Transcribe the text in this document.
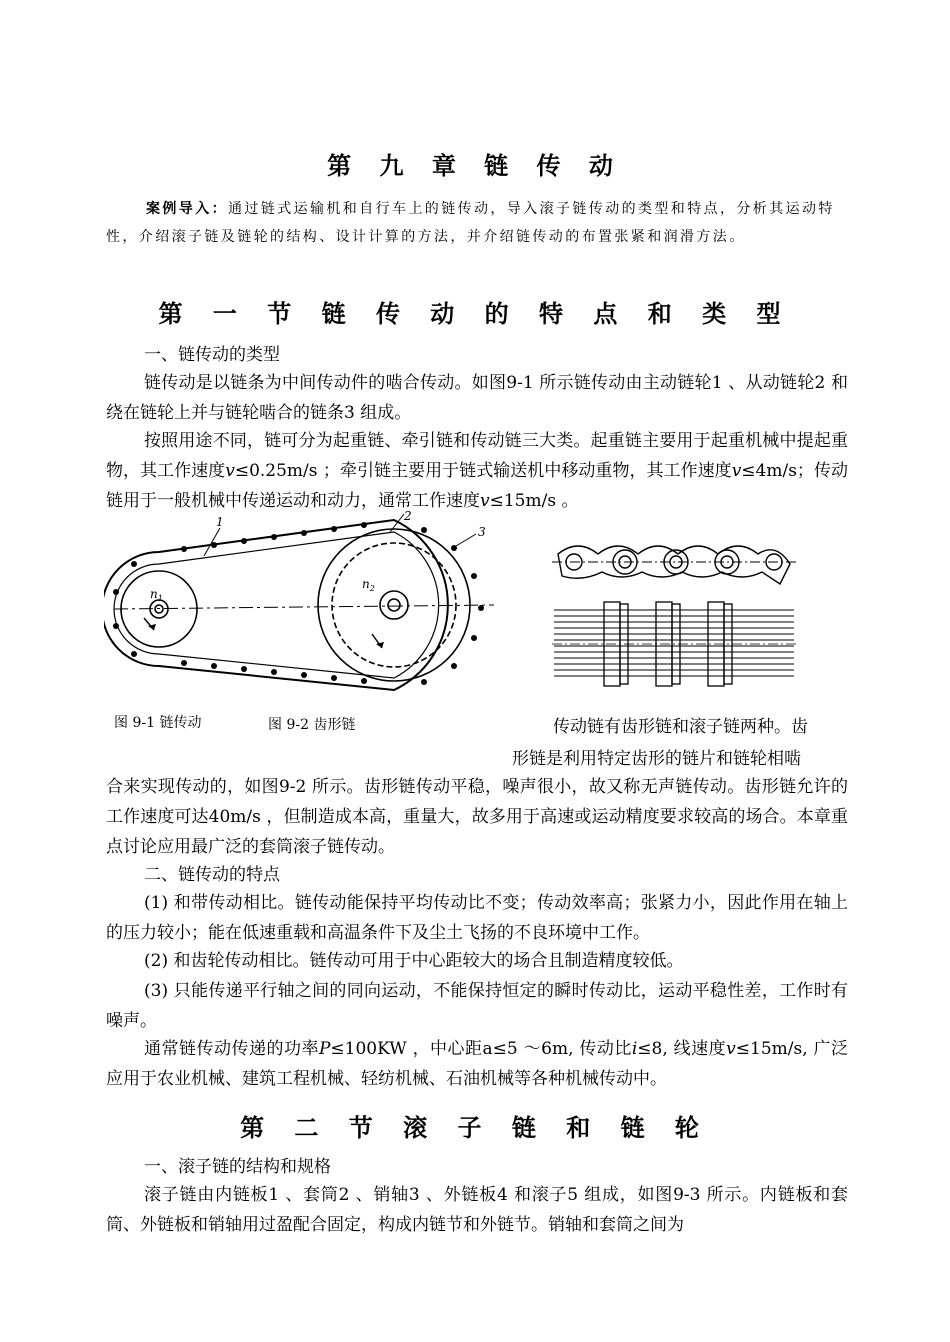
第 九 章 链 传 动

案例导入：通过链式运输机和自行车上的链传动，导入滚子链传动的类型和特点，分析其运动特性，介绍滚子链及链轮的结构、设计计算的方法，并介绍链传动的布置张紧和润滑方法。

第 一 节 链 传 动 的 特 点 和 类 型

一、链传动的类型

链传动是以链条为中间传动件的啮合传动。如图9-1 所示链传动由主动链轮1 、从动链轮2 和绕在链轮上并与链轮啮合的链条3 组成。

按照用途不同，链可分为起重链、牵引链和传动链三大类。起重链主要用于起重机械中提起重物，其工作速度v≤0.25m/s ；牵引链主要用于链式输送机中移动重物，其工作速度v≤4m/s；传动链用于一般机械中传递运动和动力，通常工作速度v≤15m/s 。

1	2
3
$n_1$
$n_2$

图 9-1 链传动	图 9-2 齿形链	传动链有齿形链和滚子链两种。齿

形链是利用特定齿形的链片和链轮相啮

合来实现传动的，如图9-2 所示。齿形链传动平稳，噪声很小，故又称无声链传动。齿形链允许的工作速度可达40m/s ，但制造成本高，重量大，故多用于高速或运动精度要求较高的场合。本章重点讨论应用最广泛的套筒滚子链传动。

二、链传动的特点

(1) 和带传动相比。链传动能保持平均传动比不变；传动效率高；张紧力小，因此作用在轴上的压力较小；能在低速重载和高温条件下及尘土飞扬的不良环境中工作。

(2) 和齿轮传动相比。链传动可用于中心距较大的场合且制造精度较低。

(3) 只能传递平行轴之间的同向运动，不能保持恒定的瞬时传动比，运动平稳性差，工作时有噪声。

通常链传动传递的功率P≤100KW ，中心距a≤5 ～6m, 传动比i≤8, 线速度v≤15m/s, 广泛应用于农业机械、建筑工程机械、轻纺机械、石油机械等各种机械传动中。

第 二 节 滚 子 链 和 链 轮

一、滚子链的结构和规格

滚子链由内链板1 、套筒2 、销轴3 、外链板4 和滚子5 组成，如图9-3 所示。内链板和套筒、外链板和销轴用过盈配合固定，构成内链节和外链节。销轴和套筒之间为
